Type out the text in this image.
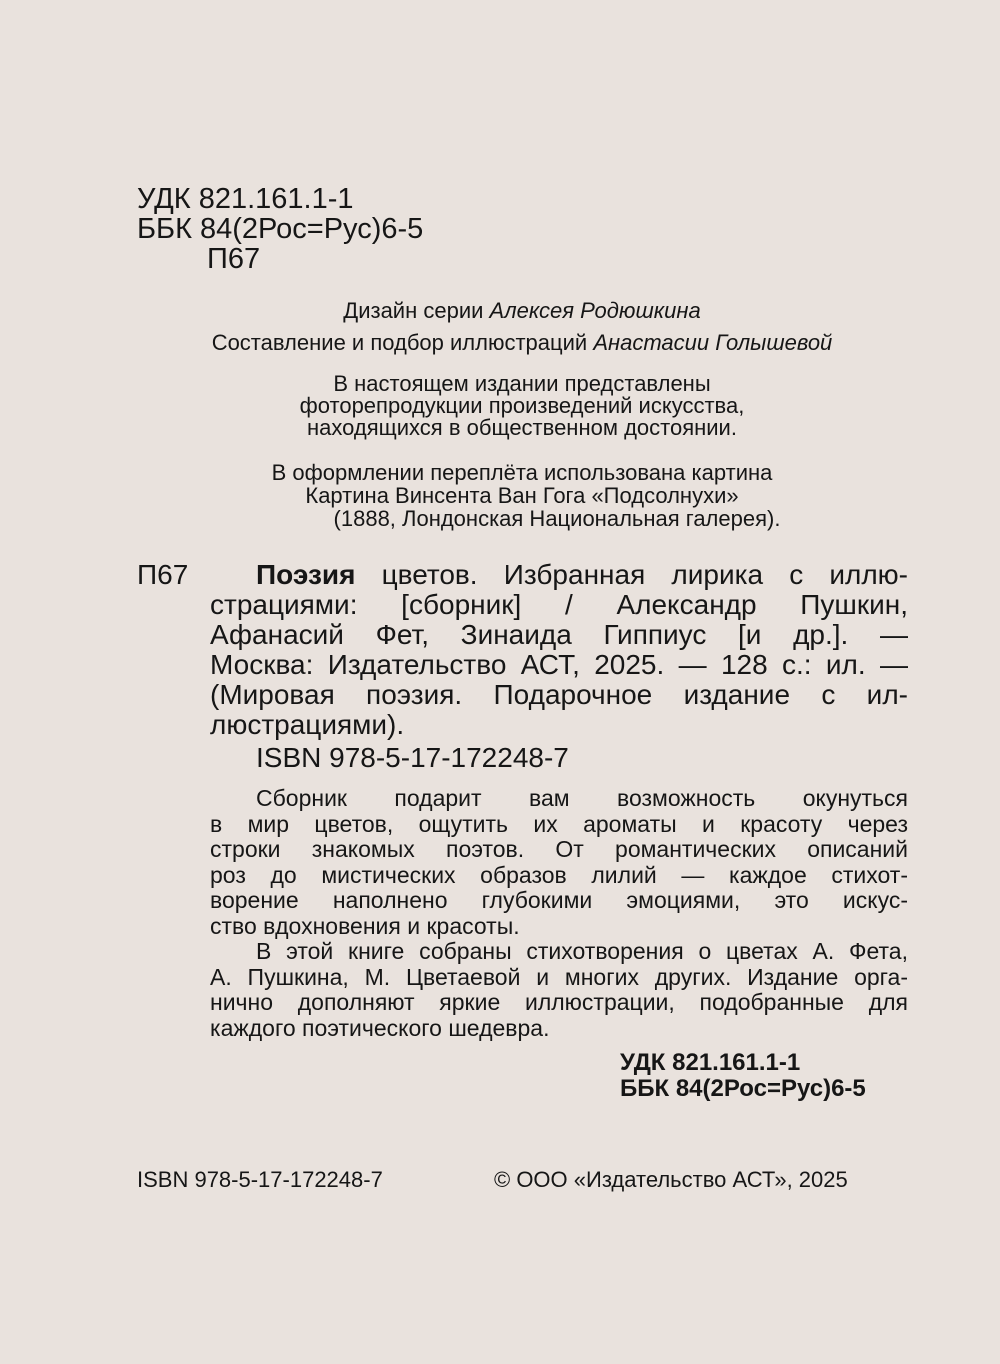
УДК 821.161.1-1
ББК 84(2Рос=Рус)6-5
П67
Дизайн серии Алексея Родюшкина
Составление и подбор иллюстраций Анастасии Голышевой
В настоящем издании представлены
фоторепродукции произведений искусства,
находящихся в общественном достоянии.
В оформлении переплёта использована картина
Картина Винсента Ван Гога «Подсолнухи»
(1888, Лондонская Национальная галерея).
П67	Поэзия цветов. Избранная лирика с иллю-
страциями: [сборник] / Александр Пушкин,
Афанасий Фет, Зинаида Гиппиус [и др.]. —
Москва: Издательство АСТ, 2025. — 128 с.: ил. —
(Мировая поэзия. Подарочное издание с ил-
люстрациями).
ISBN 978-5-17-172248-7
Сборник подарит вам возможность окунуться
в мир цветов, ощутить их ароматы и красоту через
строки знакомых поэтов. От романтических описаний
роз до мистических образов лилий — каждое стихот-
ворение наполнено глубокими эмоциями, это искус-
ство вдохновения и красоты.
В этой книге собраны стихотворения о цветах А. Фета,
А. Пушкина, М. Цветаевой и многих других. Издание орга-
нично дополняют яркие иллюстрации, подобранные для
каждого поэтического шедевра.
УДК 821.161.1-1
ББК 84(2Рос=Рус)6-5
ISBN 978-5-17-172248-7	© ООО «Издательство АСТ», 2025
